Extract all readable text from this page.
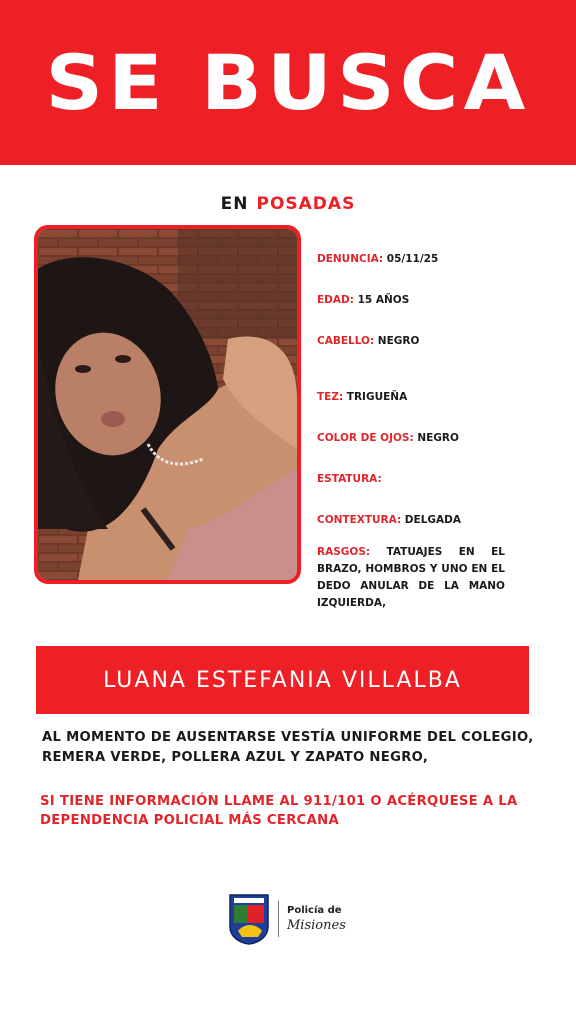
SE BUSCA
EN POSADAS
DENUNCIA: 05/11/25
EDAD: 15 AÑOS
CABELLO: NEGRO
TEZ: TRIGUEÑA
COLOR DE OJOS: NEGRO
ESTATURA:
CONTEXTURA: DELGADA
RASGOS: TATUAJES EN EL BRAZO, HOMBROS Y UNO EN EL DEDO ANULAR DE LA MANO IZQUIERDA,
LUANA ESTEFANIA VILLALBA
AL MOMENTO DE AUSENTARSE VESTÍA UNIFORME DEL COLEGIO, REMERA VERDE, POLLERA AZUL Y ZAPATO NEGRO,
SI TIENE INFORMACIÓN LLAME AL 911/101 O ACÉRQUESE A LA DEPENDENCIA POLICIAL MÁS CERCANA
Policía de
Misiones
